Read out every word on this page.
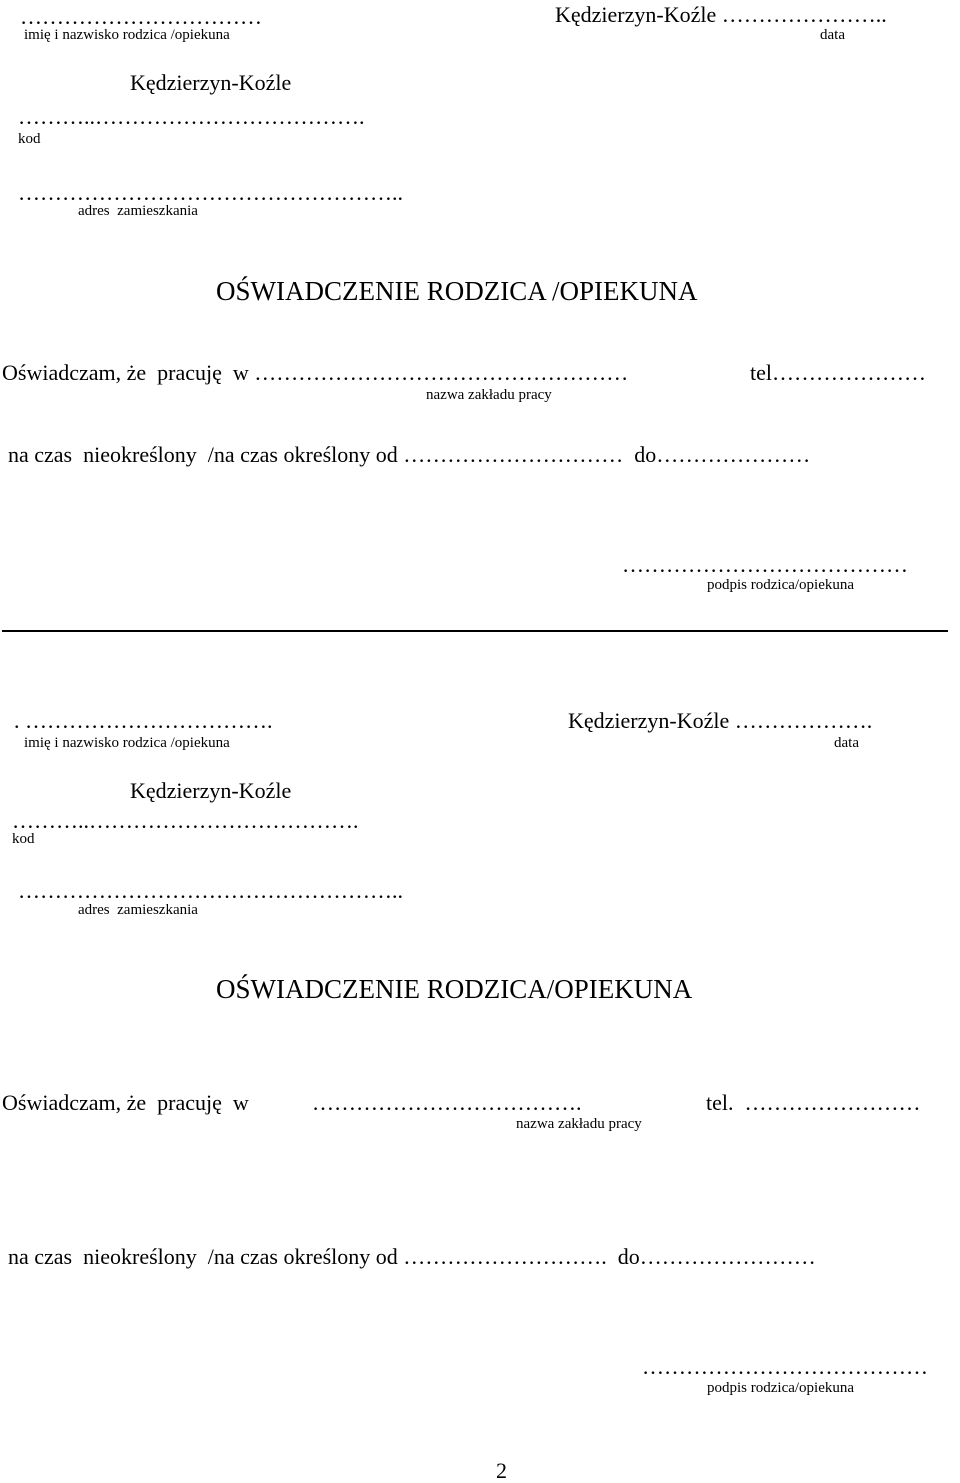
……………………………
imię i nazwisko rodzica /opiekuna
Kędzierzyn-Koźle …………………..
data
Kędzierzyn-Koźle
………..……………………………….
kod
……………………………………………..
adres  zamieszkania
OŚWIADCZENIE RODZICA /OPIEKUNA
Oświadczam, że  pracuję  w ……………………………………………	tel…………………
nazwa zakładu pracy
na czas  nieokreślony  /na czas określony od …………………………  do…………………
…………………………………
podpis rodzica/opiekuna
. …………………………….
imię i nazwisko rodzica /opiekuna
Kędzierzyn-Koźle ……………….
data
Kędzierzyn-Koźle
………..……………………………….
kod
……………………………………………..
adres  zamieszkania
OŚWIADCZENIE RODZICA/OPIEKUNA
Oświadczam, że  pracuję  w	……………………………….	tel.  ……………………
nazwa zakładu pracy
na czas  nieokreślony  /na czas określony od ……………………….  do……………………
…………………………………
podpis rodzica/opiekuna
2
